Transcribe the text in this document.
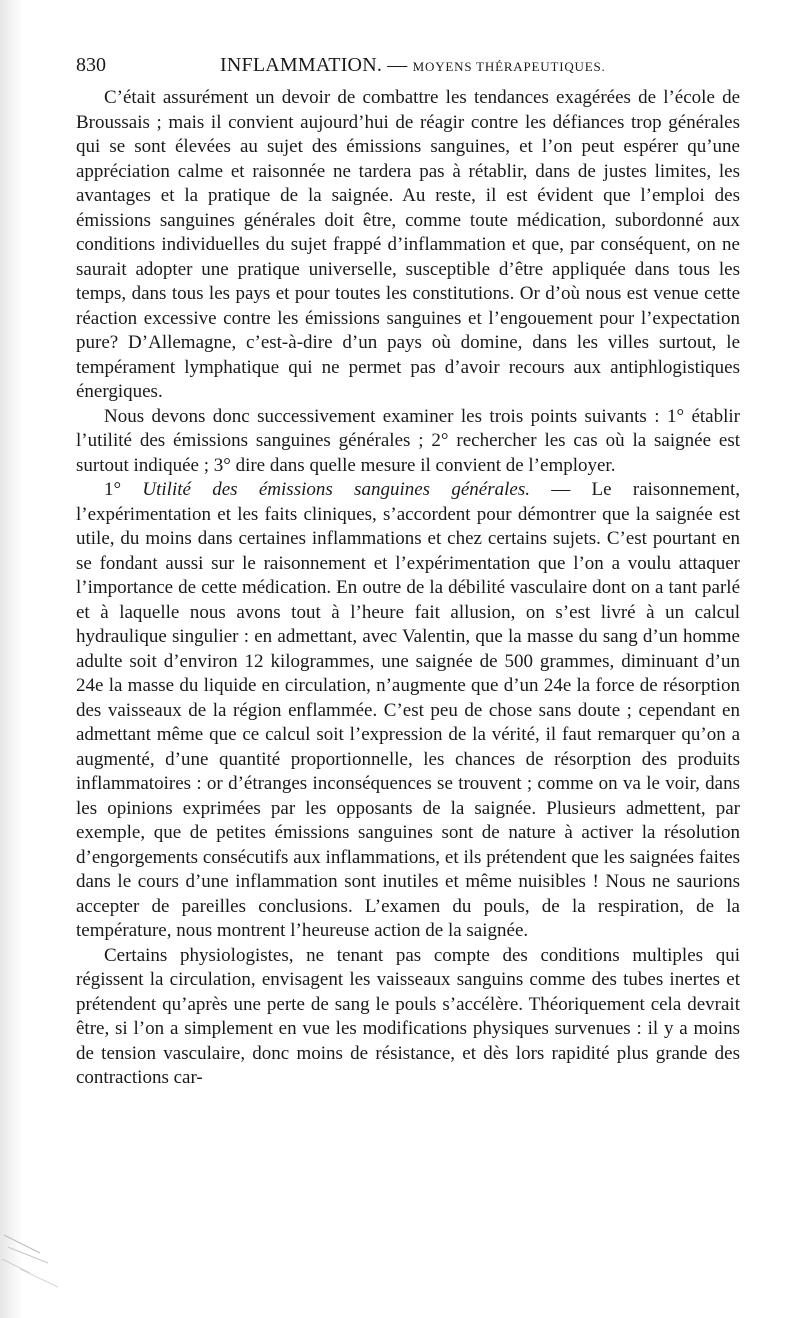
830	INFLAMMATION. — MOYENS THÉRAPEUTIQUES.

C’était assurément un devoir de combattre les tendances exagérées de l’école de Broussais ; mais il convient aujourd’hui de réagir contre les défiances trop générales qui se sont élevées au sujet des émissions sanguines, et l’on peut espérer qu’une appréciation calme et raisonnée ne tardera pas à rétablir, dans de justes limites, les avantages et la pratique de la saignée. Au reste, il est évident que l’emploi des émissions sanguines générales doit être, comme toute médication, subordonné aux conditions individuelles du sujet frappé d’inflammation et que, par conséquent, on ne saurait adopter une pratique universelle, susceptible d’être appliquée dans tous les temps, dans tous les pays et pour toutes les constitutions. Or d’où nous est venue cette réaction excessive contre les émissions sanguines et l’engouement pour l’expectation pure? D’Allemagne, c’est-à-dire d’un pays où domine, dans les villes surtout, le tempérament lymphatique qui ne permet pas d’avoir recours aux antiphlogistiques énergiques.

Nous devons donc successivement examiner les trois points suivants : 1° établir l’utilité des émissions sanguines générales ; 2° rechercher les cas où la saignée est surtout indiquée ; 3° dire dans quelle mesure il convient de l’employer.

1° Utilité des émissions sanguines générales. — Le raisonnement, l’expérimentation et les faits cliniques, s’accordent pour démontrer que la saignée est utile, du moins dans certaines inflammations et chez certains sujets. C’est pourtant en se fondant aussi sur le raisonnement et l’expérimentation que l’on a voulu attaquer l’importance de cette médication. En outre de la débilité vasculaire dont on a tant parlé et à laquelle nous avons tout à l’heure fait allusion, on s’est livré à un calcul hydraulique singulier : en admettant, avec Valentin, que la masse du sang d’un homme adulte soit d’environ 12 kilogrammes, une saignée de 500 grammes, diminuant d’un 24e la masse du liquide en circulation, n’augmente que d’un 24e la force de résorption des vaisseaux de la région enflammée. C’est peu de chose sans doute ; cependant en admettant même que ce calcul soit l’expression de la vérité, il faut remarquer qu’on a augmenté, d’une quantité proportionnelle, les chances de résorption des produits inflammatoires : or d’étranges inconséquences se trouvent ; comme on va le voir, dans les opinions exprimées par les opposants de la saignée. Plusieurs admettent, par exemple, que de petites émissions sanguines sont de nature à activer la résolution d’engorgements consécutifs aux inflammations, et ils prétendent que les saignées faites dans le cours d’une inflammation sont inutiles et même nuisibles ! Nous ne saurions accepter de pareilles conclusions. L’examen du pouls, de la respiration, de la température, nous montrent l’heureuse action de la saignée.

Certains physiologistes, ne tenant pas compte des conditions multiples qui régissent la circulation, envisagent les vaisseaux sanguins comme des tubes inertes et prétendent qu’après une perte de sang le pouls s’accélère. Théoriquement cela devrait être, si l’on a simplement en vue les modifications physiques survenues : il y a moins de tension vasculaire, donc moins de résistance, et dès lors rapidité plus grande des contractions car-
